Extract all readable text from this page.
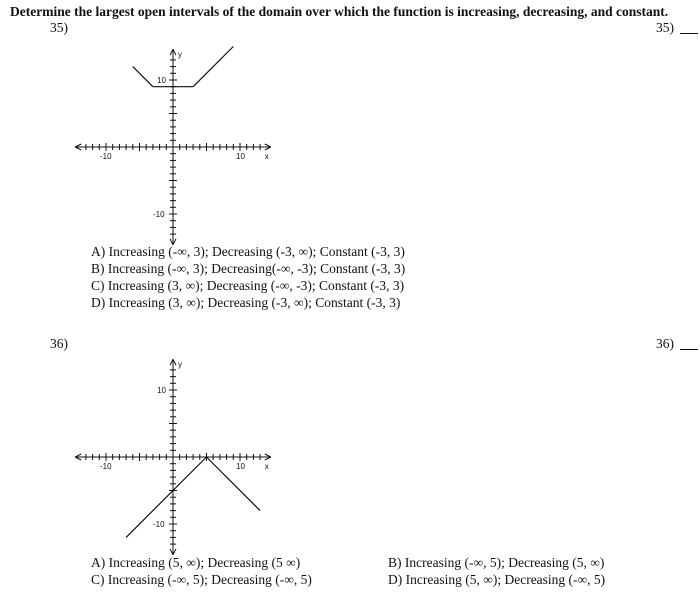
Determine the largest open intervals of the domain over which the function is increasing, decreasing, and constant.
35)	35)
-10	10
10
-10
x
y
A) Increasing (-∞, 3); Decreasing (-3, ∞); Constant (-3, 3)
B) Increasing (-∞, 3); Decreasing(-∞, -3); Constant (-3, 3)
C) Increasing (3, ∞); Decreasing (-∞, -3); Constant (-3, 3)
D) Increasing (3, ∞); Decreasing (-3, ∞); Constant (-3, 3)
36)	36)
-10	10
10
-10
x
y
A) Increasing (5, ∞); Decreasing (5 ∞)	B) Increasing (-∞, 5); Decreasing (5, ∞)
C) Increasing (-∞, 5); Decreasing (-∞, 5)	D) Increasing (5, ∞); Decreasing (-∞, 5)
